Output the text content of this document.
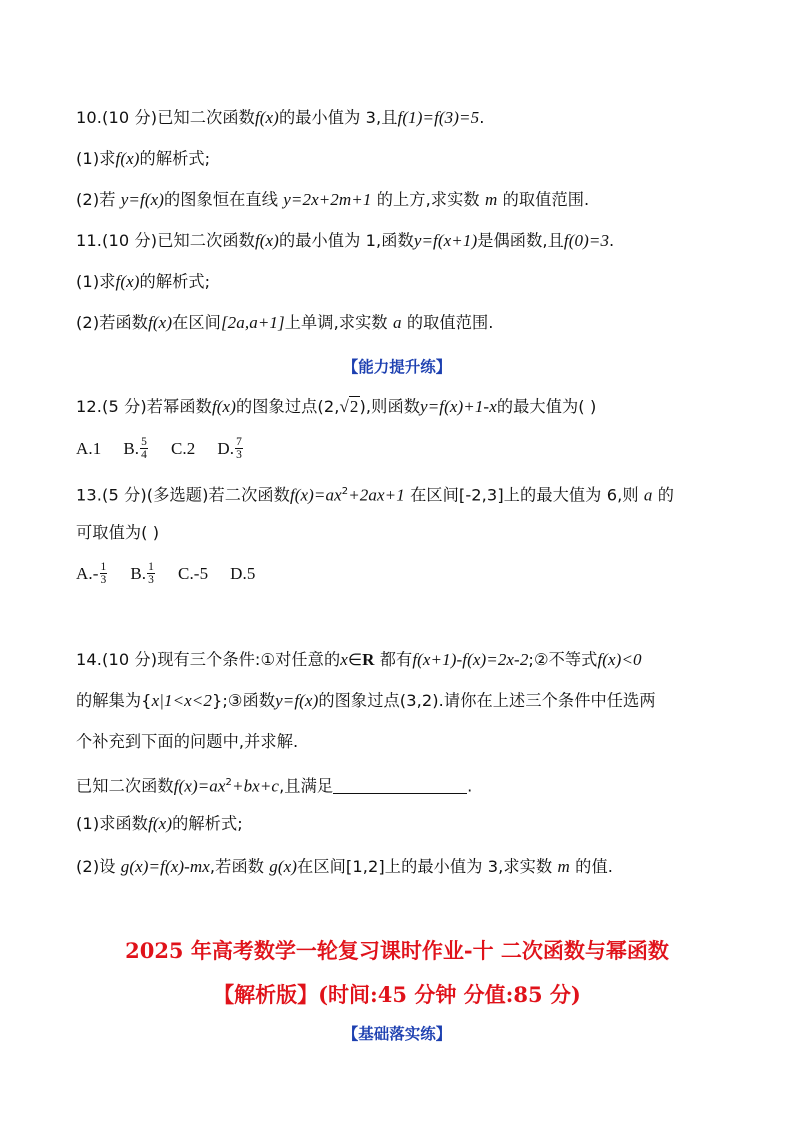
10.(10 分)已知二次函数f(x)的最小值为 3,且f(1)=f(3)=5.
(1)求f(x)的解析式;
(2)若 y=f(x)的图象恒在直线 y=2x+2m+1 的上方,求实数 m 的取值范围.
11.(10 分)已知二次函数f(x)的最小值为 1,函数y=f(x+1)是偶函数,且f(0)=3.
(1)求f(x)的解析式;
(2)若函数f(x)在区间[2a,a+1]上单调,求实数 a 的取值范围.
【能力提升练】
12.(5 分)若幂函数f(x)的图象过点(2,√2),则函数y=f(x)+1-x的最大值为( )
A.1 B. $\frac{5}{4} C.2$ D. $\frac{7}{3}$
13.(5 分)(多选题)若二次函数$f(x)=ax^2+2ax+1$ 在区间[-2,3]上的最大值为 6,则 a 的
可取值为( )
$A.- \frac{1}{3} B$. $\frac{1}{3} C.-5$ D.5
14.(10 分)现有三个条件:①对任意的x∈R 都有f(x+1)-f(x)=2x-2;②不等式f(x)<0
的解集为{x|1<x<2};③函数y=f(x)的图象过点(3,2).请你在上述三个条件中任选两
个补充到下面的问题中,并求解.
已知二次函数$f(x)=ax^2+bx+c$,且满足	.
(1)求函数f(x)的解析式;
(2)设 g(x)=f(x)-mx,若函数 g(x)在区间[1,2]上的最小值为 3,求实数 m 的值.
2025 年高考数学一轮复习课时作业-十 二次函数与幂函数
【解析版】(时间:45 分钟 分值:85 分)
【基础落实练】
